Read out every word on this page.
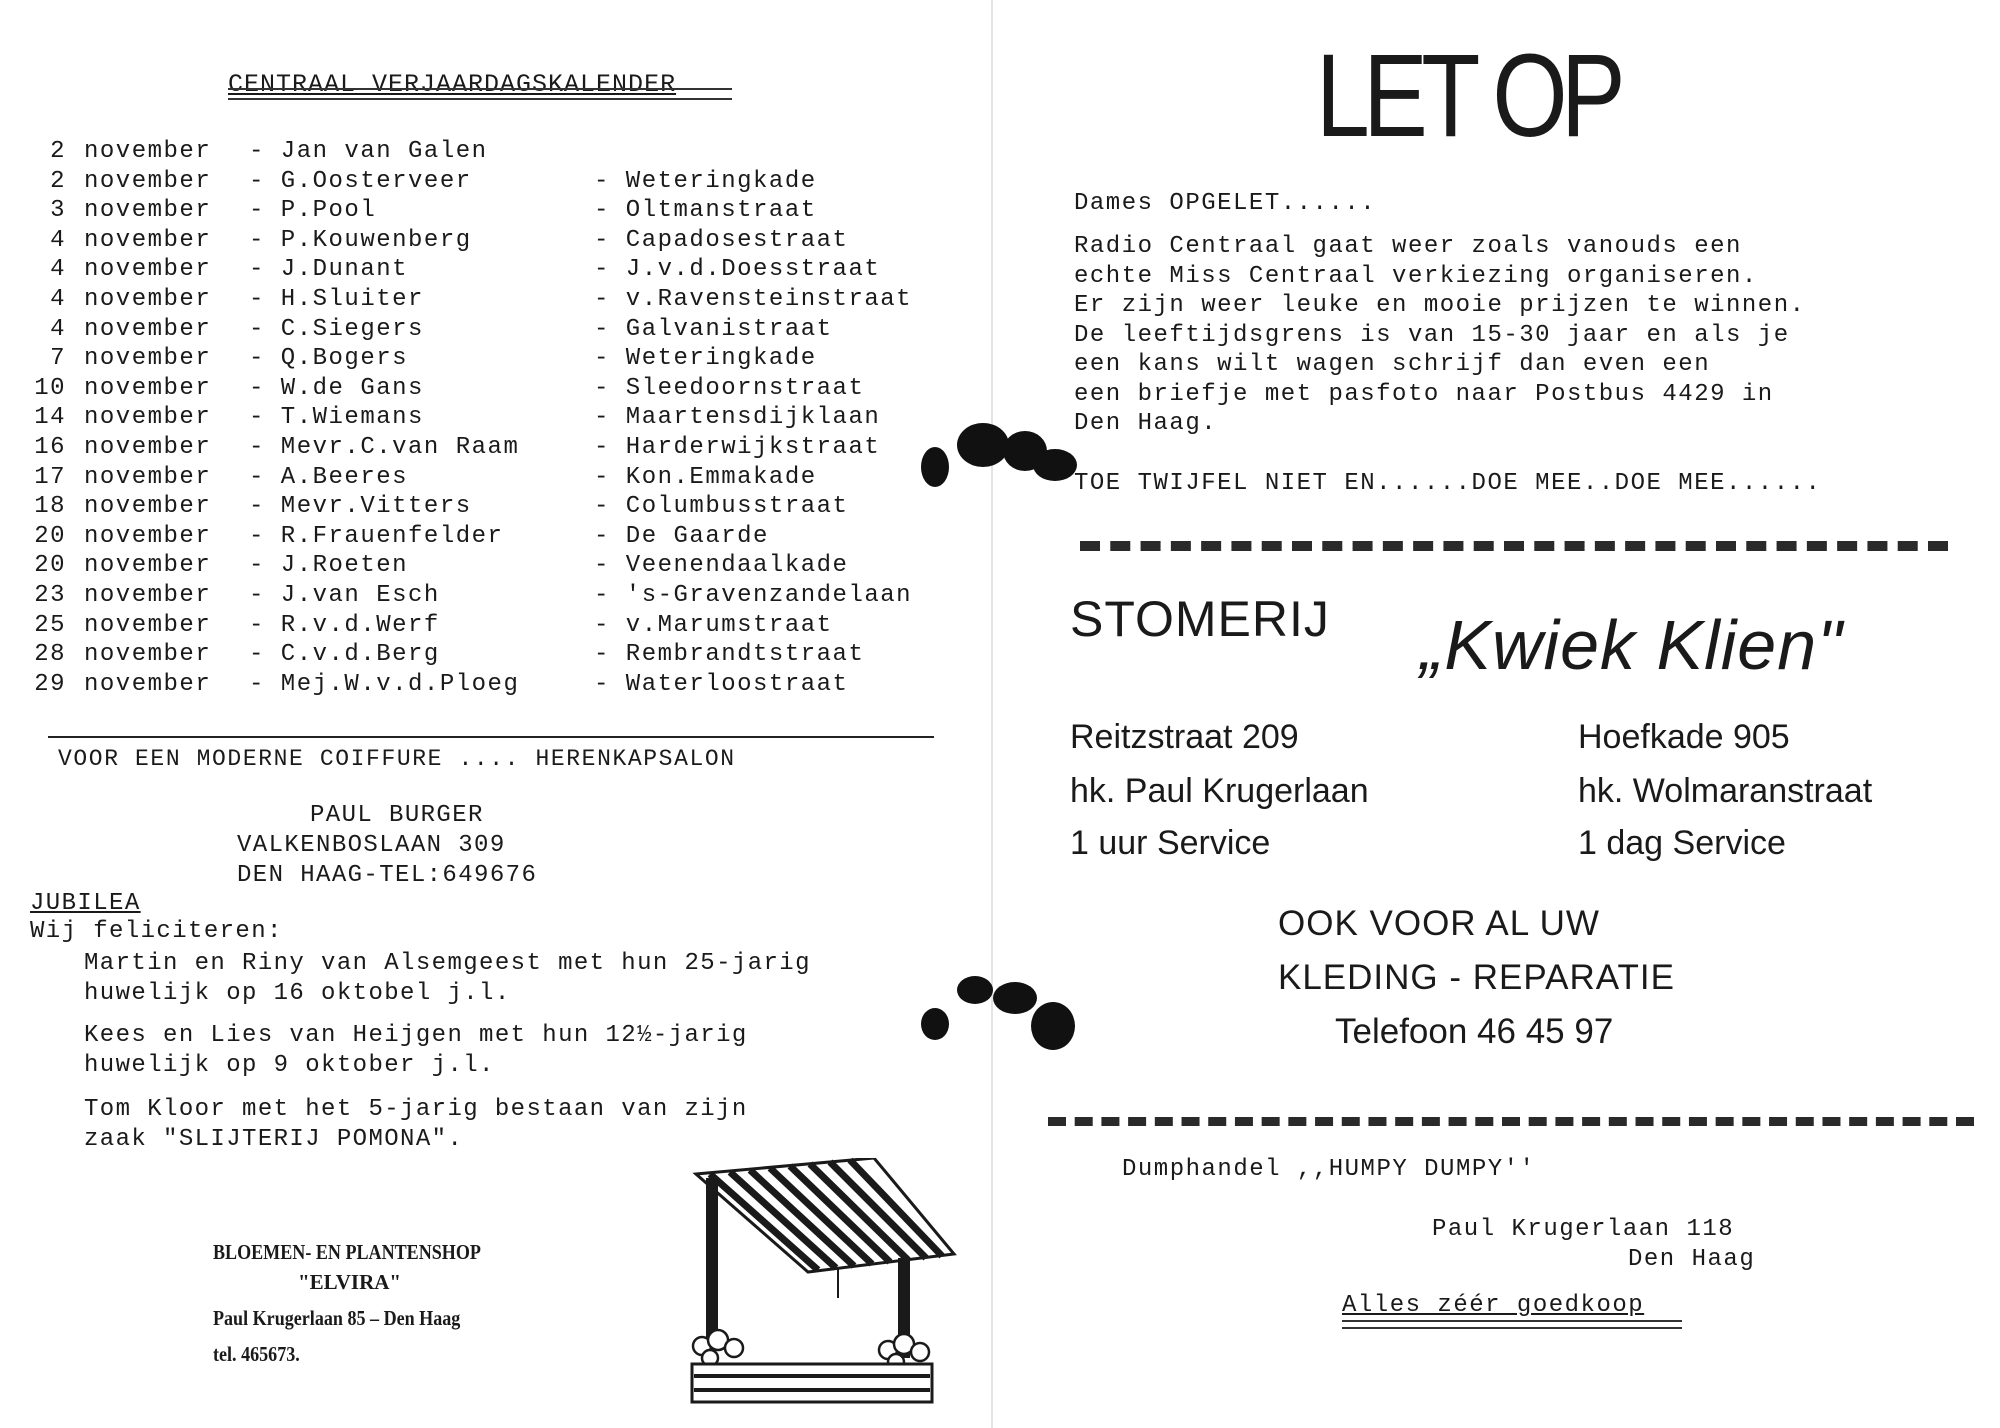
CENTRAAL VERJAARDAGSKALENDER
2 november	- Jan van Galen
2 november	- G.Oosterveer	- Weteringkade
3 november	- P.Pool	- Oltmanstraat
4 november	- P.Kouwenberg	- Capadosestraat
4 november	- J.Dunant	- J.v.d.Doesstraat
4 november	- H.Sluiter	- v.Ravensteinstraat
4 november	- C.Siegers	- Galvanistraat
7 november	- Q.Bogers	- Weteringkade
10 november	- W.de Gans	- Sleedoornstraat
14 november	- T.Wiemans	- Maartensdijklaan
16 november	- Mevr.C.van Raam	- Harderwijkstraat
17 november	- A.Beeres	- Kon.Emmakade
18 november	- Mevr.Vitters	- Columbusstraat
20 november	- R.Frauenfelder	- De Gaarde
20 november	- J.Roeten	- Veenendaalkade
23 november	- J.van Esch	- 's-Gravenzandelaan
25 november	- R.v.d.Werf	- v.Marumstraat
28 november	- C.v.d.Berg	- Rembrandtstraat
29 november	- Mej.W.v.d.Ploeg	- Waterloostraat
VOOR EEN MODERNE COIFFURE .... HERENKAPSALON
PAUL BURGER
VALKENBOSLAAN 309
DEN HAAG-TEL:649676
JUBILEA
Wij feliciteren:
Martin en Riny van Alsemgeest met hun 25-jarig
huwelijk op 16 oktobel j.l.
Kees en Lies van Heijgen met hun 12½-jarig
huwelijk op 9 oktober j.l.
Tom Kloor met het 5-jarig bestaan van zijn
zaak "SLIJTERIJ POMONA".
BLOEMEN- EN PLANTENSHOP
"ELVIRA"
Paul Krugerlaan 85 – Den Haag
tel. 465673.
LET OP
Dames OPGELET......
Radio Centraal gaat weer zoals vanouds een
echte Miss Centraal verkiezing organiseren.
Er zijn weer leuke en mooie prijzen te winnen.
De leeftijdsgrens is van 15-30 jaar en als je
een kans wilt wagen schrijf dan even een
een briefje met pasfoto naar Postbus 4429 in
Den Haag.
TOE TWIJFEL NIET EN......DOE MEE..DOE MEE......
STOMERIJ „Kwiek Klien"
Reitzstraat 209
hk. Paul Krugerlaan
1 uur Service
Hoefkade 905
hk. Wolmaranstraat
1 dag Service
OOK VOOR AL UW
KLEDING - REPARATIE
Telefoon 46 45 97
Dumphandel ,,HUMPY DUMPY''
Paul Krugerlaan 118
Den Haag
Alles zéér goedkoop
